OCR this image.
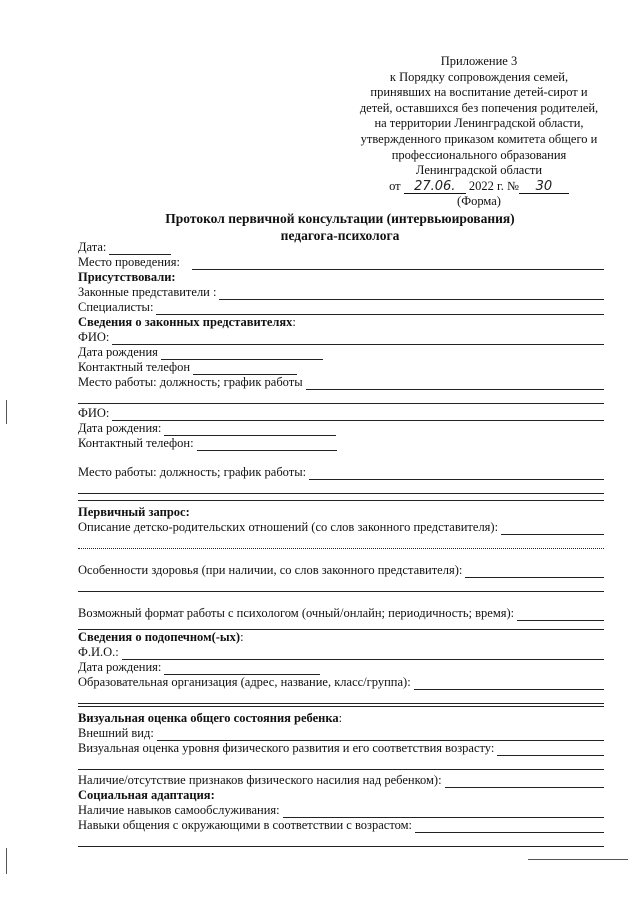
Приложение 3
к Порядку сопровождения семей,
принявших на воспитание детей-сирот и
детей, оставшихся без попечения родителей,
на территории Ленинградской области,
утвержденного приказом комитета общего и
профессионального образования
Ленинградской области
от 27.06. 2022 г. № 30
(Форма)
Протокол первичной консультации (интервьюирования)
педагога-психолога
Дата:
Место проведения:
Присутствовали:
Законные представители :
Специалисты:
Сведения о законных представителях :
ФИО:
Дата рождения
Контактный телефон
Место работы: должность; график работы
ФИО:
Дата рождения:
Контактный телефон:
Место работы: должность; график работы:
Первичный запрос:
Описание детско-родительских отношений (со слов законного представителя):
Особенности здоровья (при наличии, со слов законного представителя):
Возможный формат работы с психологом (очный/онлайн; периодичность; время):
Сведения о подопечном(-ых) :
Ф.И.О.:
Дата рождения:
Образовательная организация (адрес, название, класс/группа):
Визуальная оценка общего состояния ребенка :
Внешний вид:
Визуальная оценка уровня физического развития и его соответствия возрасту:
Наличие/отсутствие признаков физического насилия над ребенком):
Социальная адаптация:
Наличие навыков самообслуживания:
Навыки общения с окружающими в соответствии с возрастом:
